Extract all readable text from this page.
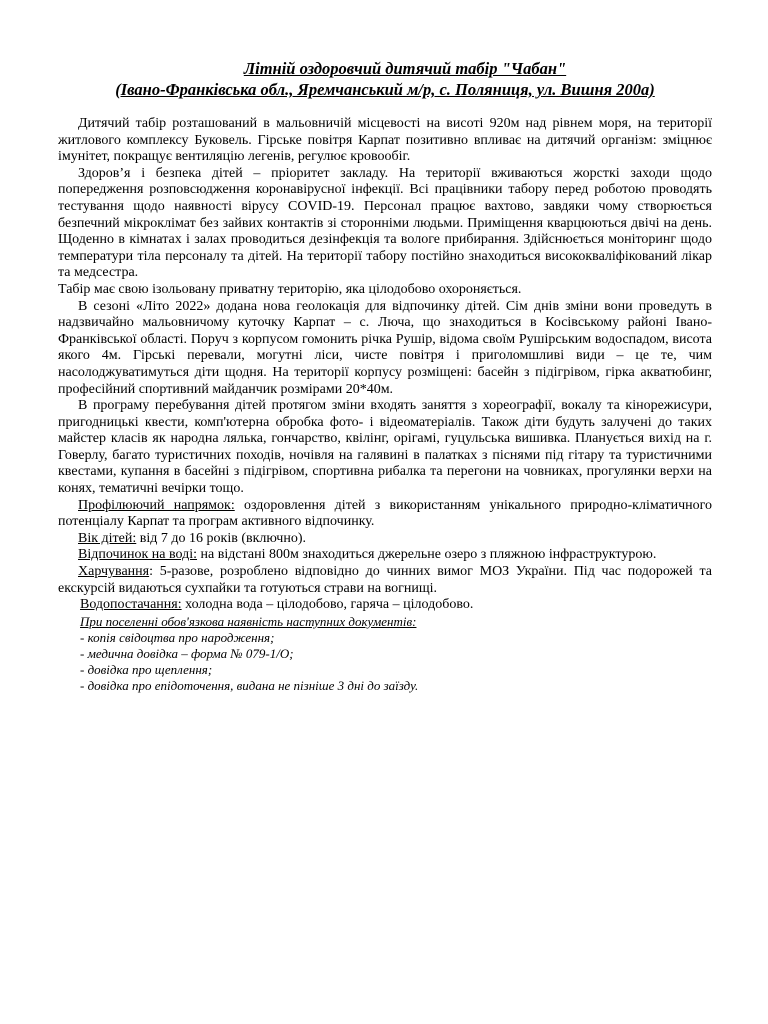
Літній оздоровчий дитячий табір "Чабан"
(Івано-Франківська обл., Яремчанський м/р, с. Поляниця, ул. Вишня 200а)

Дитячий табір розташований в мальовничій місцевості на висоті 920м над рівнем моря, на території житлового комплексу Буковель. Гірське повітря Карпат позитивно впливає на дитячий організм: зміцнює імунітет, покращує вентиляцію легенів, регулює кровообіг.

Здоров’я і безпека дітей – пріоритет закладу. На території вживаються жорсткі заходи щодо попередження розповсюдження коронавірусної інфекції. Всі працівники табору перед роботою проводять тестування щодо наявності вірусу COVID-19. Персонал працює вахтово, завдяки чому створюється безпечний мікроклімат без зайвих контактів зі сторонніми людьми. Приміщення кварцюються двічі на день. Щоденно в кімнатах і залах проводиться дезінфекція та вологе прибирання. Здійснюється моніторинг щодо температури тіла персоналу та дітей. На території табору постійно знаходиться висококваліфікований лікар та медсестра.

Табір має свою ізольовану приватну територію, яка цілодобово охороняється.

В сезоні «Літо 2022» додана нова геолокація для відпочинку дітей. Сім днів зміни вони проведуть в надзвичайно мальовничому куточку Карпат – с. Люча, що знаходиться в Косівському районі Івано-Франківської області. Поруч з корпусом гомонить річка Рушір, відома своїм Рушірським водоспадом, висота якого 4м. Гірські перевали, могутні ліси, чисте повітря і приголомшливі види – це те, чим насолоджуватимуться діти щодня. На території корпусу розміщені: басейн з підігрівом, гірка акватюбинг, професійний спортивний майданчик розмірами 20*40м.

В програму перебування дітей протягом зміни входять заняття з хореографії, вокалу та кінорежисури, пригодницькі квести, комп'ютерна обробка фото- і відеоматеріалів. Також діти будуть залучені до таких майстер класів як народна лялька, гончарство, квілінг, орігамі, гуцульська вишивка. Планується вихід на г. Говерлу, багато туристичних походів, ночівля на галявині в палатках з піснями під гітару та туристичними квестами, купання в басейні з підігрівом, спортивна рибалка та перегони на човниках, прогулянки верхи на конях, тематичні вечірки тощо.

Профілюючий напрямок: оздоровлення дітей з використанням унікального природно-кліматичного потенціалу Карпат та програм активного відпочинку.

Вік дітей: від 7 до 16 років (включно).

Відпочинок на воді: на відстані 800м знаходиться джерельне озеро з пляжною інфраструктурою.

Харчування: 5-разове, розроблено відповідно до чинних вимог МОЗ України. Під час подорожей та екскурсій видаються сухпайки та готуються страви на вогнищі.

Водопостачання: холодна вода – цілодобово, гаряча – цілодобово.

При поселенні обов'язкова наявність наступних документів:
- копія свідоцтва про народження;
- медична довідка – форма № 079-1/О;
- довідка про щеплення;
- довідка про епідоточення, видана не пізніше 3 дні до заїзду.
